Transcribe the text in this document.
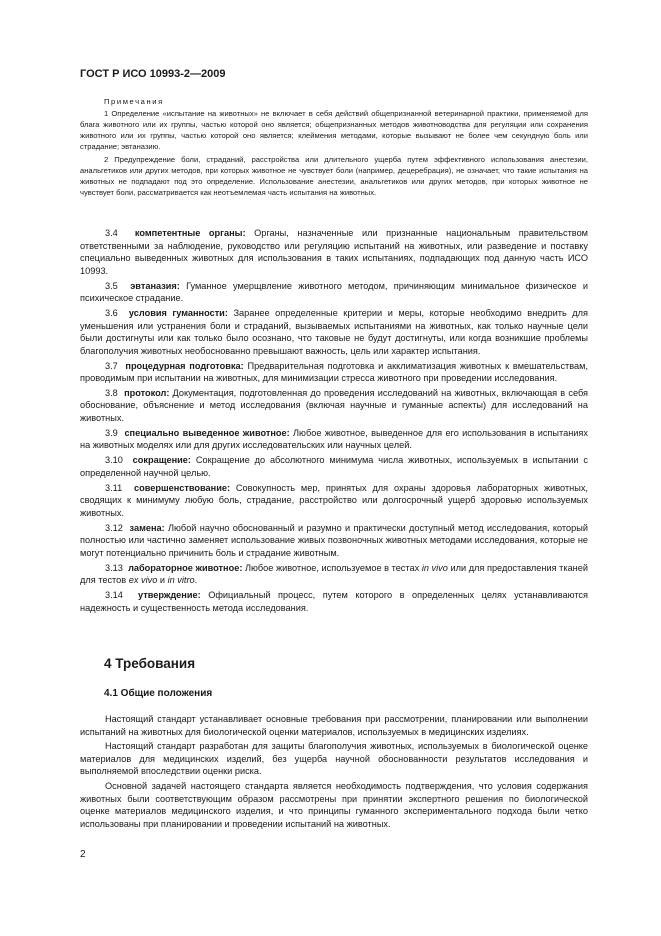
ГОСТ Р ИСО 10993-2—2009

Примечания

1 Определение «испытание на животных» не включает в себя действий общепризнанной ветеринарной практики, применяемой для блага животного или их группы, частью которой оно является; общепризнанных методов животноводства для регуляции или сохранения животного или их группы, частью которой оно является; клеймения методами, которые вызывают не более чем секундную боль или страдание; эвтаназию.

2 Предупреждение боли, страданий, расстройства или длительного ущерба путем эффективного использования анестезии, анальгетиков или других методов, при которых животное не чувствует боли (например, децеребрация), не означает, что такие испытания на животных не подпадают под это определение. Использование анестезии, анальгетиков или других методов, при которых животное не чувствует боли, рассматривается как неотъемлемая часть испытания на животных.

3.4 компетентные органы: Органы, назначенные или признанные национальным правительством ответственными за наблюдение, руководство или регуляцию испытаний на животных, или разведение и поставку специально выведенных животных для использования в таких испытаниях, подпадающих под данную часть ИСО 10993.

3.5 эвтаназия: Гуманное умерщвление животного методом, причиняющим минимальное физическое и психическое страдание.

3.6 условия гуманности: Заранее определенные критерии и меры, которые необходимо внедрить для уменьшения или устранения боли и страданий, вызываемых испытаниями на животных, как только научные цели были достигнуты или как только было осознано, что таковые не будут достигнуты, или когда возникшие проблемы благополучия животных необоснованно превышают важность, цель или характер испытания.

3.7 процедурная подготовка: Предварительная подготовка и акклиматизация животных к вмешательствам, проводимым при испытании на животных, для минимизации стресса животного при проведении исследования.

3.8 протокол: Документация, подготовленная до проведения исследований на животных, включающая в себя обоснование, объяснение и метод исследования (включая научные и гуманные аспекты) для исследований на животных.

3.9 специально выведенное животное: Любое животное, выведенное для его использования в испытаниях на животных моделях или для других исследовательских или научных целей.

3.10 сокращение: Сокращение до абсолютного минимума числа животных, используемых в испытании с определенной научной целью.

3.11 совершенствование: Совокупность мер, принятых для охраны здоровья лабораторных животных, сводящих к минимуму любую боль, страдание, расстройство или долгосрочный ущерб здоровью используемых животных.

3.12 замена: Любой научно обоснованный и разумно и практически доступный метод исследования, который полностью или частично заменяет использование живых позвоночных животных методами исследования, которые не могут потенциально причинить боль и страдание животным.

3.13 лабораторное животное: Любое животное, используемое в тестах in vivo или для предоставления тканей для тестов ex vivo и in vitro.

3.14 утверждение: Официальный процесс, путем которого в определенных целях устанавливаются надежность и существенность метода исследования.

4 Требования
4.1 Общие положения

Настоящий стандарт устанавливает основные требования при рассмотрении, планировании или выполнении испытаний на животных для биологической оценки материалов, используемых в медицинских изделиях.

Настоящий стандарт разработан для защиты благополучия животных, используемых в биологической оценке материалов для медицинских изделий, без ущерба научной обоснованности результатов исследования и выполняемой впоследствии оценки риска.

Основной задачей настоящего стандарта является необходимость подтверждения, что условия содержания животных были соответствующим образом рассмотрены при принятии экспертного решения по биологической оценке материалов медицинского изделия, и что принципы гуманного экспериментального подхода были четко использованы при планировании и проведении испытаний на животных.

2
